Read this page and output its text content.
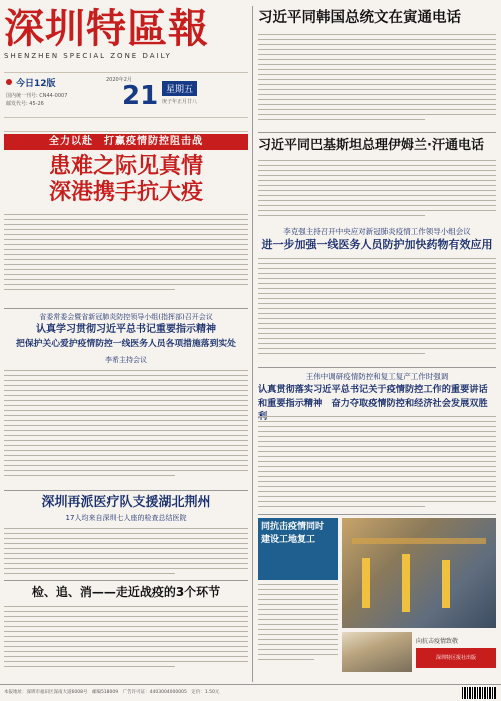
深圳特區報
SHENZHEN SPECIAL ZONE DAILY
今日12版
国内统一刊号: CN44-0007
邮发代号: 45-26
2020年2月
21 星期五
庚子年正月廿八
习近平同韩国总统文在寅通电话
习近平同巴基斯坦总理伊姆兰·汗通电话
李克强主持召开中央应对新冠肺炎疫情工作领导小组会议
进一步加强一线医务人员防护加快药物有效应用
王伟中调研疫情防控和复工复产工作时强调
认真贯彻落实习近平总书记关于疫情防控工作的重要讲话
和重要指示精神　奋力夺取疫情防控和经济社会发展双胜
同抗击疫情同时
建设工地复工
向抗击疫情致敬
深圳特区报社出版
全力以赴　打赢疫情防控阻击战
患难之际见真情
深港携手抗大疫
省委常委会暨省新冠肺炎防控领导小组(指挥部)召开会议
认真学习贯彻习近平总书记重要指示精神
把保护关心爱护疫情防控一线医务人员各项措施落到实处
李希主持会议
深圳再派医疗队支援湖北荆州
17人均来自深圳七人座的检查总结医院
检、追、消——走近战疫的3个环节
本报地址：深圳市福田区深南大道6008号　邮编518009　广告许可证：4403004000005　定价：1.50元
